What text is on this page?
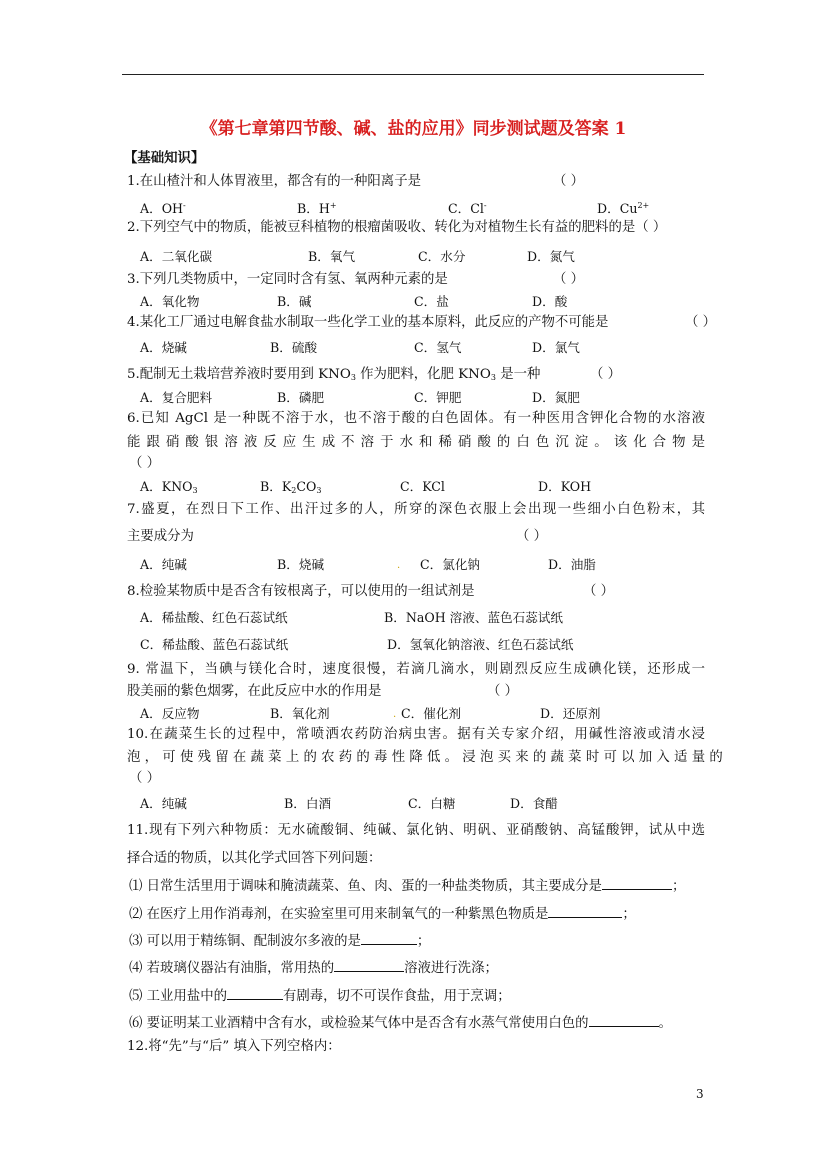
《第七章第四节酸、碱、盐的应用》同步测试题及答案 1
【基础知识】
1.在山楂汁和人体胃液里，都含有的一种阳离子是	（ ）
A．OH-	B．H+	C．Cl-	D．$Cu^{2+}$
2.下列空气中的物质，能被豆科植物的根瘤菌吸收、转化为对植物生长有益的肥料的是（ ）
A．二氧化碳	B．氧气	C．水分	D．氮气
3.下列几类物质中，一定同时含有氢、氧两种元素的是	（ ）
A．氧化物	B．碱	C．盐	D．酸
4.某化工厂通过电解食盐水制取一些化学工业的基本原料，此反应的产物不可能是	（ ）
A．烧碱	B．硫酸	C．氢气	D．氯气
5.配制无土栽培营养液时要用到 $KNO_3$ 作为肥料，化肥 $KNO_3$ 是一种	（ ）
A．复合肥料	B．磷肥	C．钾肥	D．氮肥
6.已知 AgCl 是一种既不溶于水，也不溶于酸的白色固体。有一种医用含钾化合物的水溶液
能 跟 硝 酸 银 溶 液 反 应 生 成 不 溶 于 水 和 稀 硝 酸 的 白 色 沉 淀 。 该 化 合 物 是
（ ）
A．$KNO_3$	B．$K_2CO_3$	C．KCl	D．KOH
7.盛夏，在烈日下工作、出汗过多的人，所穿的深色衣服上会出现一些细小白色粉末，其
主要成分为	（ ）
A．纯碱	B．烧碱	. C．氯化钠	D．油脂
8.检验某物质中是否含有铵根离子，可以使用的一组试剂是	（ ）
A．稀盐酸、红色石蕊试纸	B．NaOH 溶液、蓝色石蕊试纸
C．稀盐酸、蓝色石蕊试纸	D．氢氧化钠溶液、红色石蕊试纸
9. 常温下，当碘与镁化合时，速度很慢，若滴几滴水，则剧烈反应生成碘化镁，还形成一
股美丽的紫色烟雾，在此反应中水的作用是	（ ）
A．反应物	B．氧化剂	. C．催化剂	D．还原剂
10.在蔬菜生长的过程中，常喷洒农药防治病虫害。据有关专家介绍，用碱性溶液或清水浸
泡 ， 可 使 残 留 在 蔬 菜 上 的 农 药 的 毒 性 降 低 。 浸 泡 买 来 的 蔬 菜 时 可 以 加 入 适 量 的
（ ）
A．纯碱	B．白酒	C．白糖	D．食醋
11.现有下列六种物质：无水硫酸铜、纯碱、氯化钠、明矾、亚硝酸钠、高锰酸钾，试从中选
择合适的物质，以其化学式回答下列问题：
⑴ 日常生活里用于调味和腌渍蔬菜、鱼、肉、蛋的一种盐类物质，其主要成分是	；
⑵ 在医疗上用作消毒剂，在实验室里可用来制氧气的一种紫黑色物质是	；
⑶ 可以用于精练铜、配制波尔多液的是	；
⑷ 若玻璃仪器沾有油脂，常用热的	溶液进行洗涤；
⑸ 工业用盐中的	有剧毒，切不可误作食盐，用于烹调；
⑹ 要证明某工业酒精中含有水，或检验某气体中是否含有水蒸气常使用白色的	。
12.将“先”与“后” 填入下列空格内：
3
